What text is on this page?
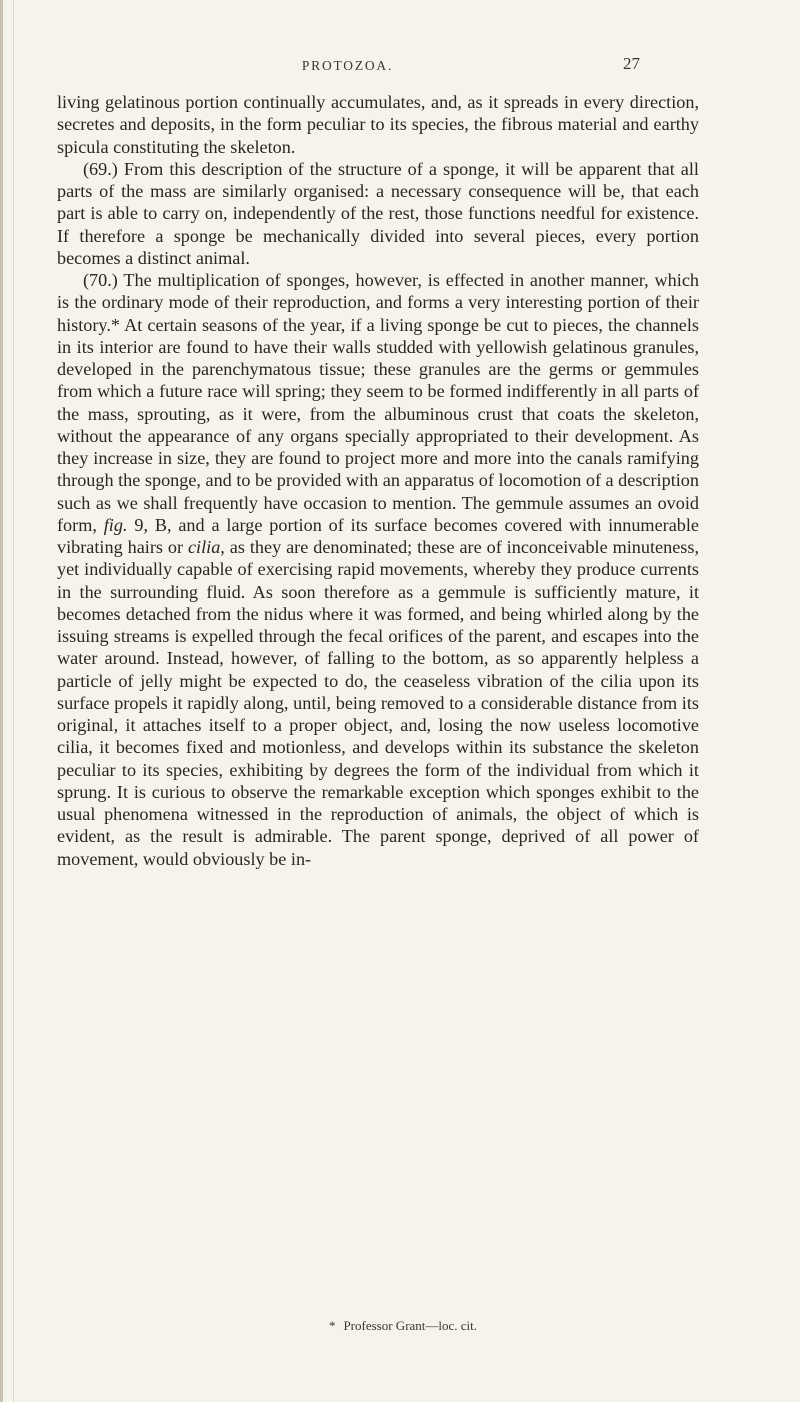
PROTOZOA.	27

living gelatinous portion continually accumulates, and, as it spreads in every direction, secretes and deposits, in the form peculiar to its species, the fibrous material and earthy spicula constituting the skeleton.

(69.) From this description of the structure of a sponge, it will be apparent that all parts of the mass are similarly organised: a necessary consequence will be, that each part is able to carry on, independently of the rest, those functions needful for existence. If therefore a sponge be mechanically divided into several pieces, every portion becomes a distinct animal.

(70.) The multiplication of sponges, however, is effected in another manner, which is the ordinary mode of their reproduction, and forms a very interesting portion of their history.* At certain seasons of the year, if a living sponge be cut to pieces, the channels in its interior are found to have their walls studded with yellowish gelatinous granules, developed in the parenchymatous tissue; these granules are the germs or gemmules from which a future race will spring; they seem to be formed indifferently in all parts of the mass, sprouting, as it were, from the albuminous crust that coats the skeleton, without the appearance of any organs specially appropriated to their development. As they increase in size, they are found to project more and more into the canals ramifying through the sponge, and to be provided with an apparatus of locomotion of a description such as we shall frequently have occasion to mention. The gemmule assumes an ovoid form, fig. 9, B, and a large portion of its surface becomes covered with innumerable vibrating hairs or cilia, as they are denominated; these are of inconceivable minuteness, yet individually capable of exercising rapid movements, whereby they produce currents in the surrounding fluid. As soon therefore as a gemmule is sufficiently mature, it becomes detached from the nidus where it was formed, and being whirled along by the issuing streams is expelled through the fecal orifices of the parent, and escapes into the water around. Instead, however, of falling to the bottom, as so apparently helpless a particle of jelly might be expected to do, the ceaseless vibration of the cilia upon its surface propels it rapidly along, until, being removed to a considerable distance from its original, it attaches itself to a proper object, and, losing the now useless locomotive cilia, it becomes fixed and motionless, and develops within its substance the skeleton peculiar to its species, exhibiting by degrees the form of the individual from which it sprung. It is curious to observe the remarkable exception which sponges exhibit to the usual phenomena witnessed in the reproduction of animals, the object of which is evident, as the result is admirable. The parent sponge, deprived of all power of movement, would obviously be in-

* Professor Grant—loc. cit.
